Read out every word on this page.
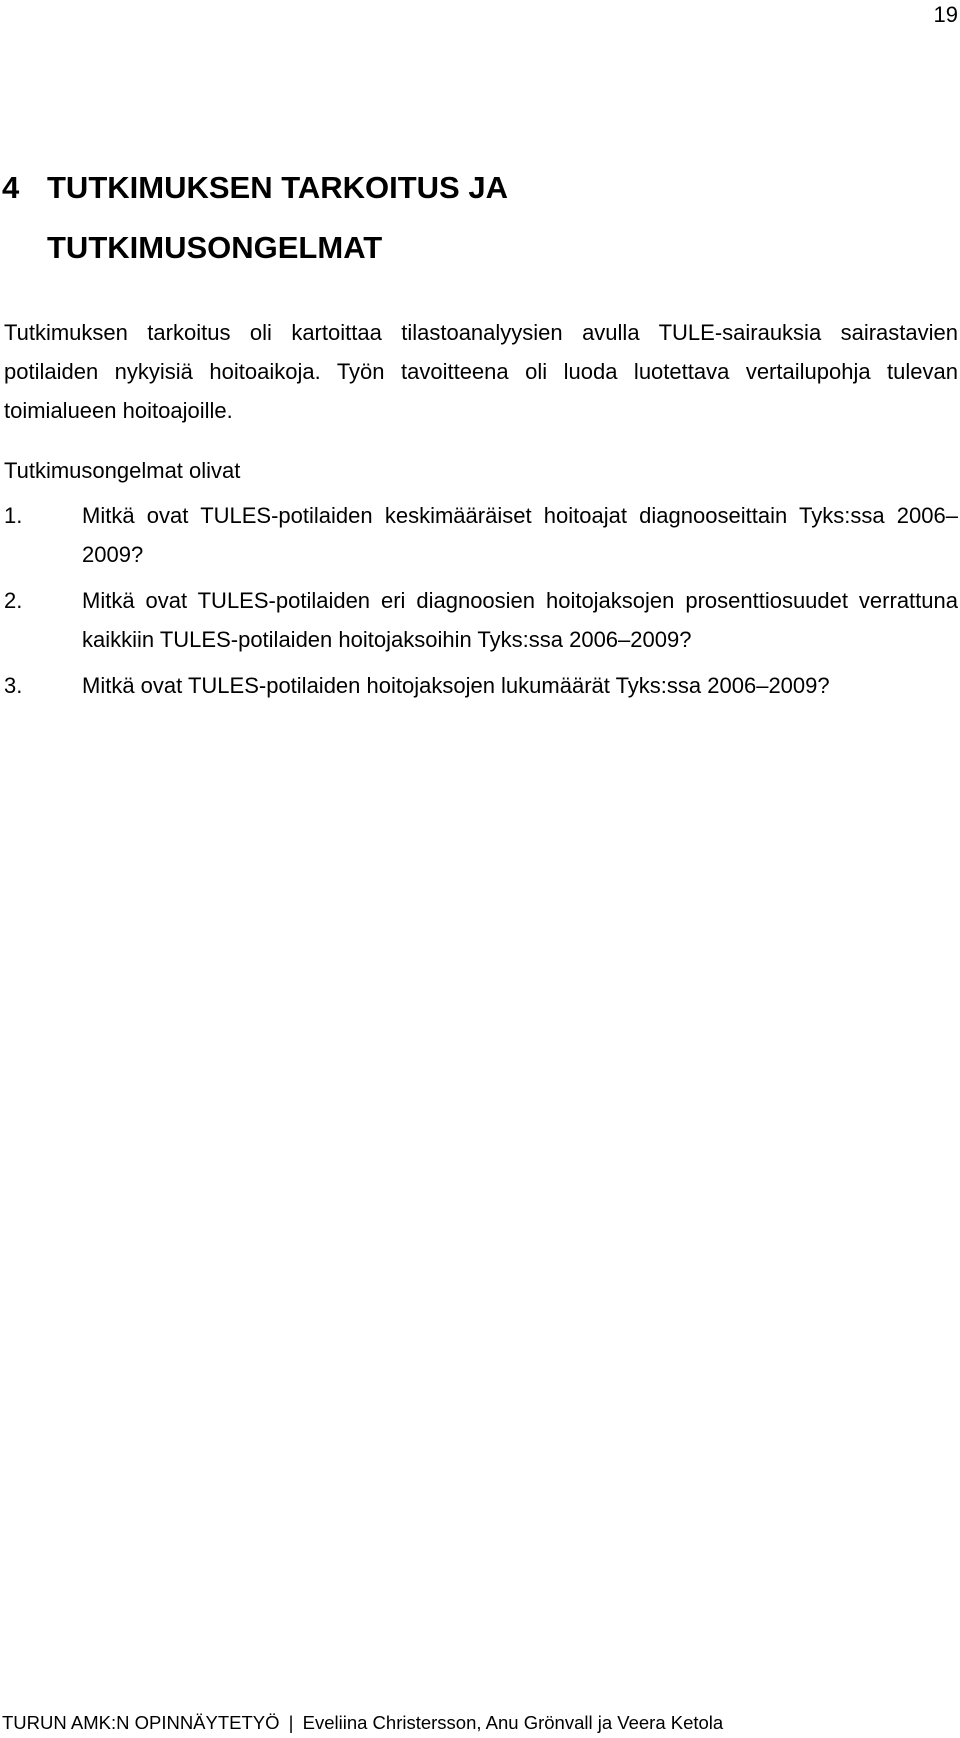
19
4 TUTKIMUKSEN TARKOITUS JA
TUTKIMUSONGELMAT

Tutkimuksen tarkoitus oli kartoittaa tilastoanalyysien avulla TULE-sairauksia sairastavien potilaiden nykyisiä hoitoaikoja. Työn tavoitteena oli luoda luotettava vertailupohja tulevan toimialueen hoitoajoille.

Tutkimusongelmat olivat

1.	Mitkä ovat TULES-potilaiden keskimääräiset hoitoajat diagnooseittain Tyks:ssa 2006–2009?
2.	Mitkä ovat TULES-potilaiden eri diagnoosien hoitojaksojen prosenttiosuudet verrattuna kaikkiin TULES-potilaiden hoitojaksoihin Tyks:ssa 2006–2009?
3.	Mitkä ovat TULES-potilaiden hoitojaksojen lukumäärät Tyks:ssa 2006–2009?
TURUN AMK:N OPINNÄYTETYÖ | Eveliina Christersson, Anu Grönvall ja Veera Ketola
